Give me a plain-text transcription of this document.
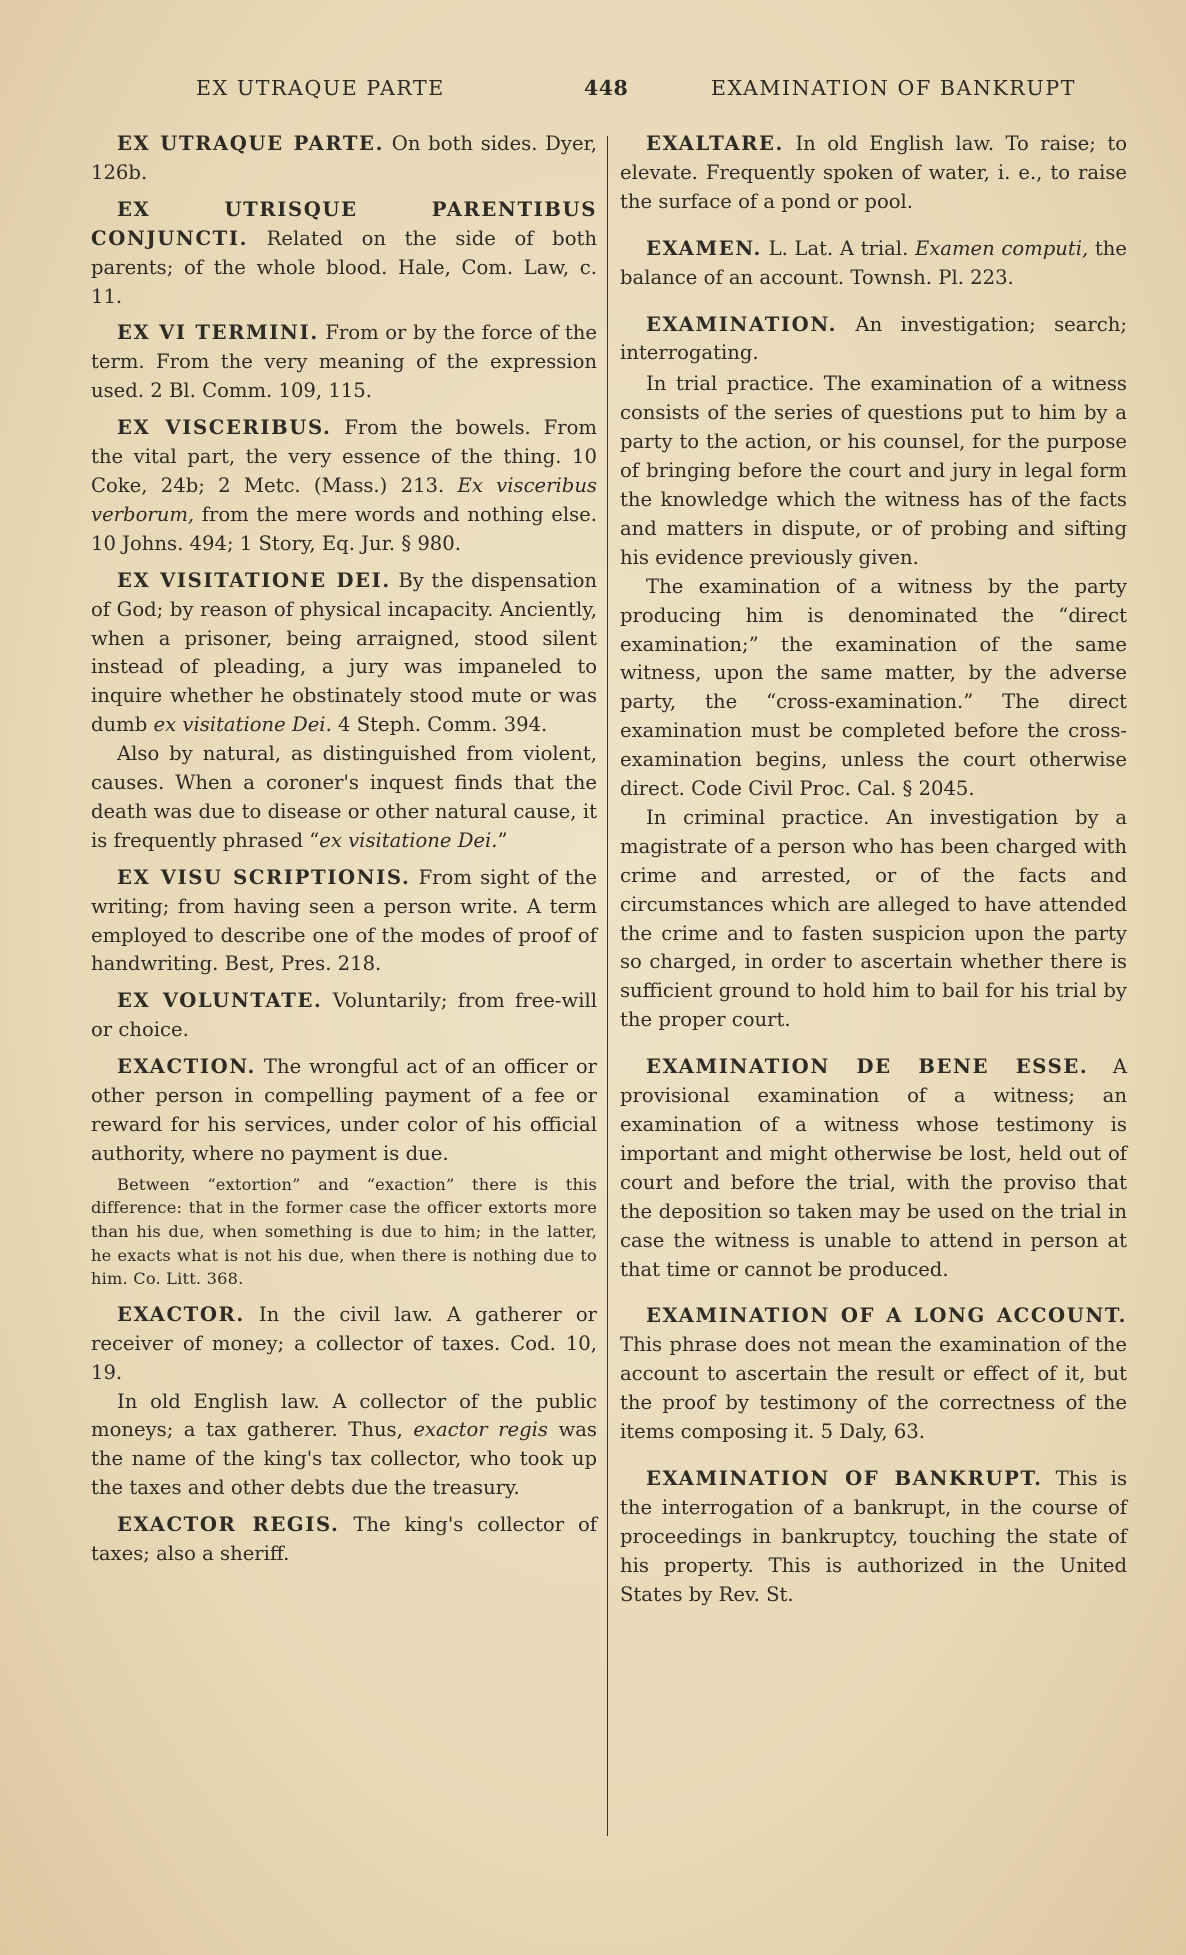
EX UTRAQUE PARTE	448	EXAMINATION OF BANKRUPT

EX UTRAQUE PARTE. On both sides. Dyer, 126b.

EX UTRISQUE PARENTIBUS CONJUNCTI. Related on the side of both parents; of the whole blood. Hale, Com. Law, c. 11.

EX VI TERMINI. From or by the force of the term. From the very meaning of the expression used. 2 Bl. Comm. 109, 115.

EX VISCERIBUS. From the bowels. From the vital part, the very essence of the thing. 10 Coke, 24b; 2 Metc. (Mass.) 213. Ex visceribus verborum, from the mere words and nothing else. 10 Johns. 494; 1 Story, Eq. Jur. § 980.

EX VISITATIONE DEI. By the dispensation of God; by reason of physical incapacity. Anciently, when a prisoner, being arraigned, stood silent instead of pleading, a jury was impaneled to inquire whether he obstinately stood mute or was dumb ex visitatione Dei. 4 Steph. Comm. 394.

Also by natural, as distinguished from violent, causes. When a coroner's inquest finds that the death was due to disease or other natural cause, it is frequently phrased “ex visitatione Dei.”

EX VISU SCRIPTIONIS. From sight of the writing; from having seen a person write. A term employed to describe one of the modes of proof of handwriting. Best, Pres. 218.

EX VOLUNTATE. Voluntarily; from free-will or choice.

EXACTION. The wrongful act of an officer or other person in compelling payment of a fee or reward for his services, under color of his official authority, where no payment is due.

Between “extortion” and “exaction” there is this difference: that in the former case the officer extorts more than his due, when something is due to him; in the latter, he exacts what is not his due, when there is nothing due to him. Co. Litt. 368.

EXACTOR. In the civil law. A gatherer or receiver of money; a collector of taxes. Cod. 10, 19.

In old English law. A collector of the public moneys; a tax gatherer. Thus, exactor regis was the name of the king's tax collector, who took up the taxes and other debts due the treasury.

EXACTOR REGIS. The king's collector of taxes; also a sheriff.

EXALTARE. In old English law. To raise; to elevate. Frequently spoken of water, i. e., to raise the surface of a pond or pool.

EXAMEN. L. Lat. A trial. Examen computi, the balance of an account. Townsh. Pl. 223.

EXAMINATION. An investigation; search; interrogating.

In trial practice. The examination of a witness consists of the series of questions put to him by a party to the action, or his counsel, for the purpose of bringing before the court and jury in legal form the knowledge which the witness has of the facts and matters in dispute, or of probing and sifting his evidence previously given.

The examination of a witness by the party producing him is denominated the “direct examination;” the examination of the same witness, upon the same matter, by the adverse party, the “cross-examination.” The direct examination must be completed before the cross-examination begins, unless the court otherwise direct. Code Civil Proc. Cal. § 2045.

In criminal practice. An investigation by a magistrate of a person who has been charged with crime and arrested, or of the facts and circumstances which are alleged to have attended the crime and to fasten suspicion upon the party so charged, in order to ascertain whether there is sufficient ground to hold him to bail for his trial by the proper court.

EXAMINATION DE BENE ESSE. A provisional examination of a witness; an examination of a witness whose testimony is important and might otherwise be lost, held out of court and before the trial, with the proviso that the deposition so taken may be used on the trial in case the witness is unable to attend in person at that time or cannot be produced.

EXAMINATION OF A LONG ACCOUNT. This phrase does not mean the examination of the account to ascertain the result or effect of it, but the proof by testimony of the correctness of the items composing it. 5 Daly, 63.

EXAMINATION OF BANKRUPT. This is the interrogation of a bankrupt, in the course of proceedings in bankruptcy, touching the state of his property. This is authorized in the United States by Rev. St.
